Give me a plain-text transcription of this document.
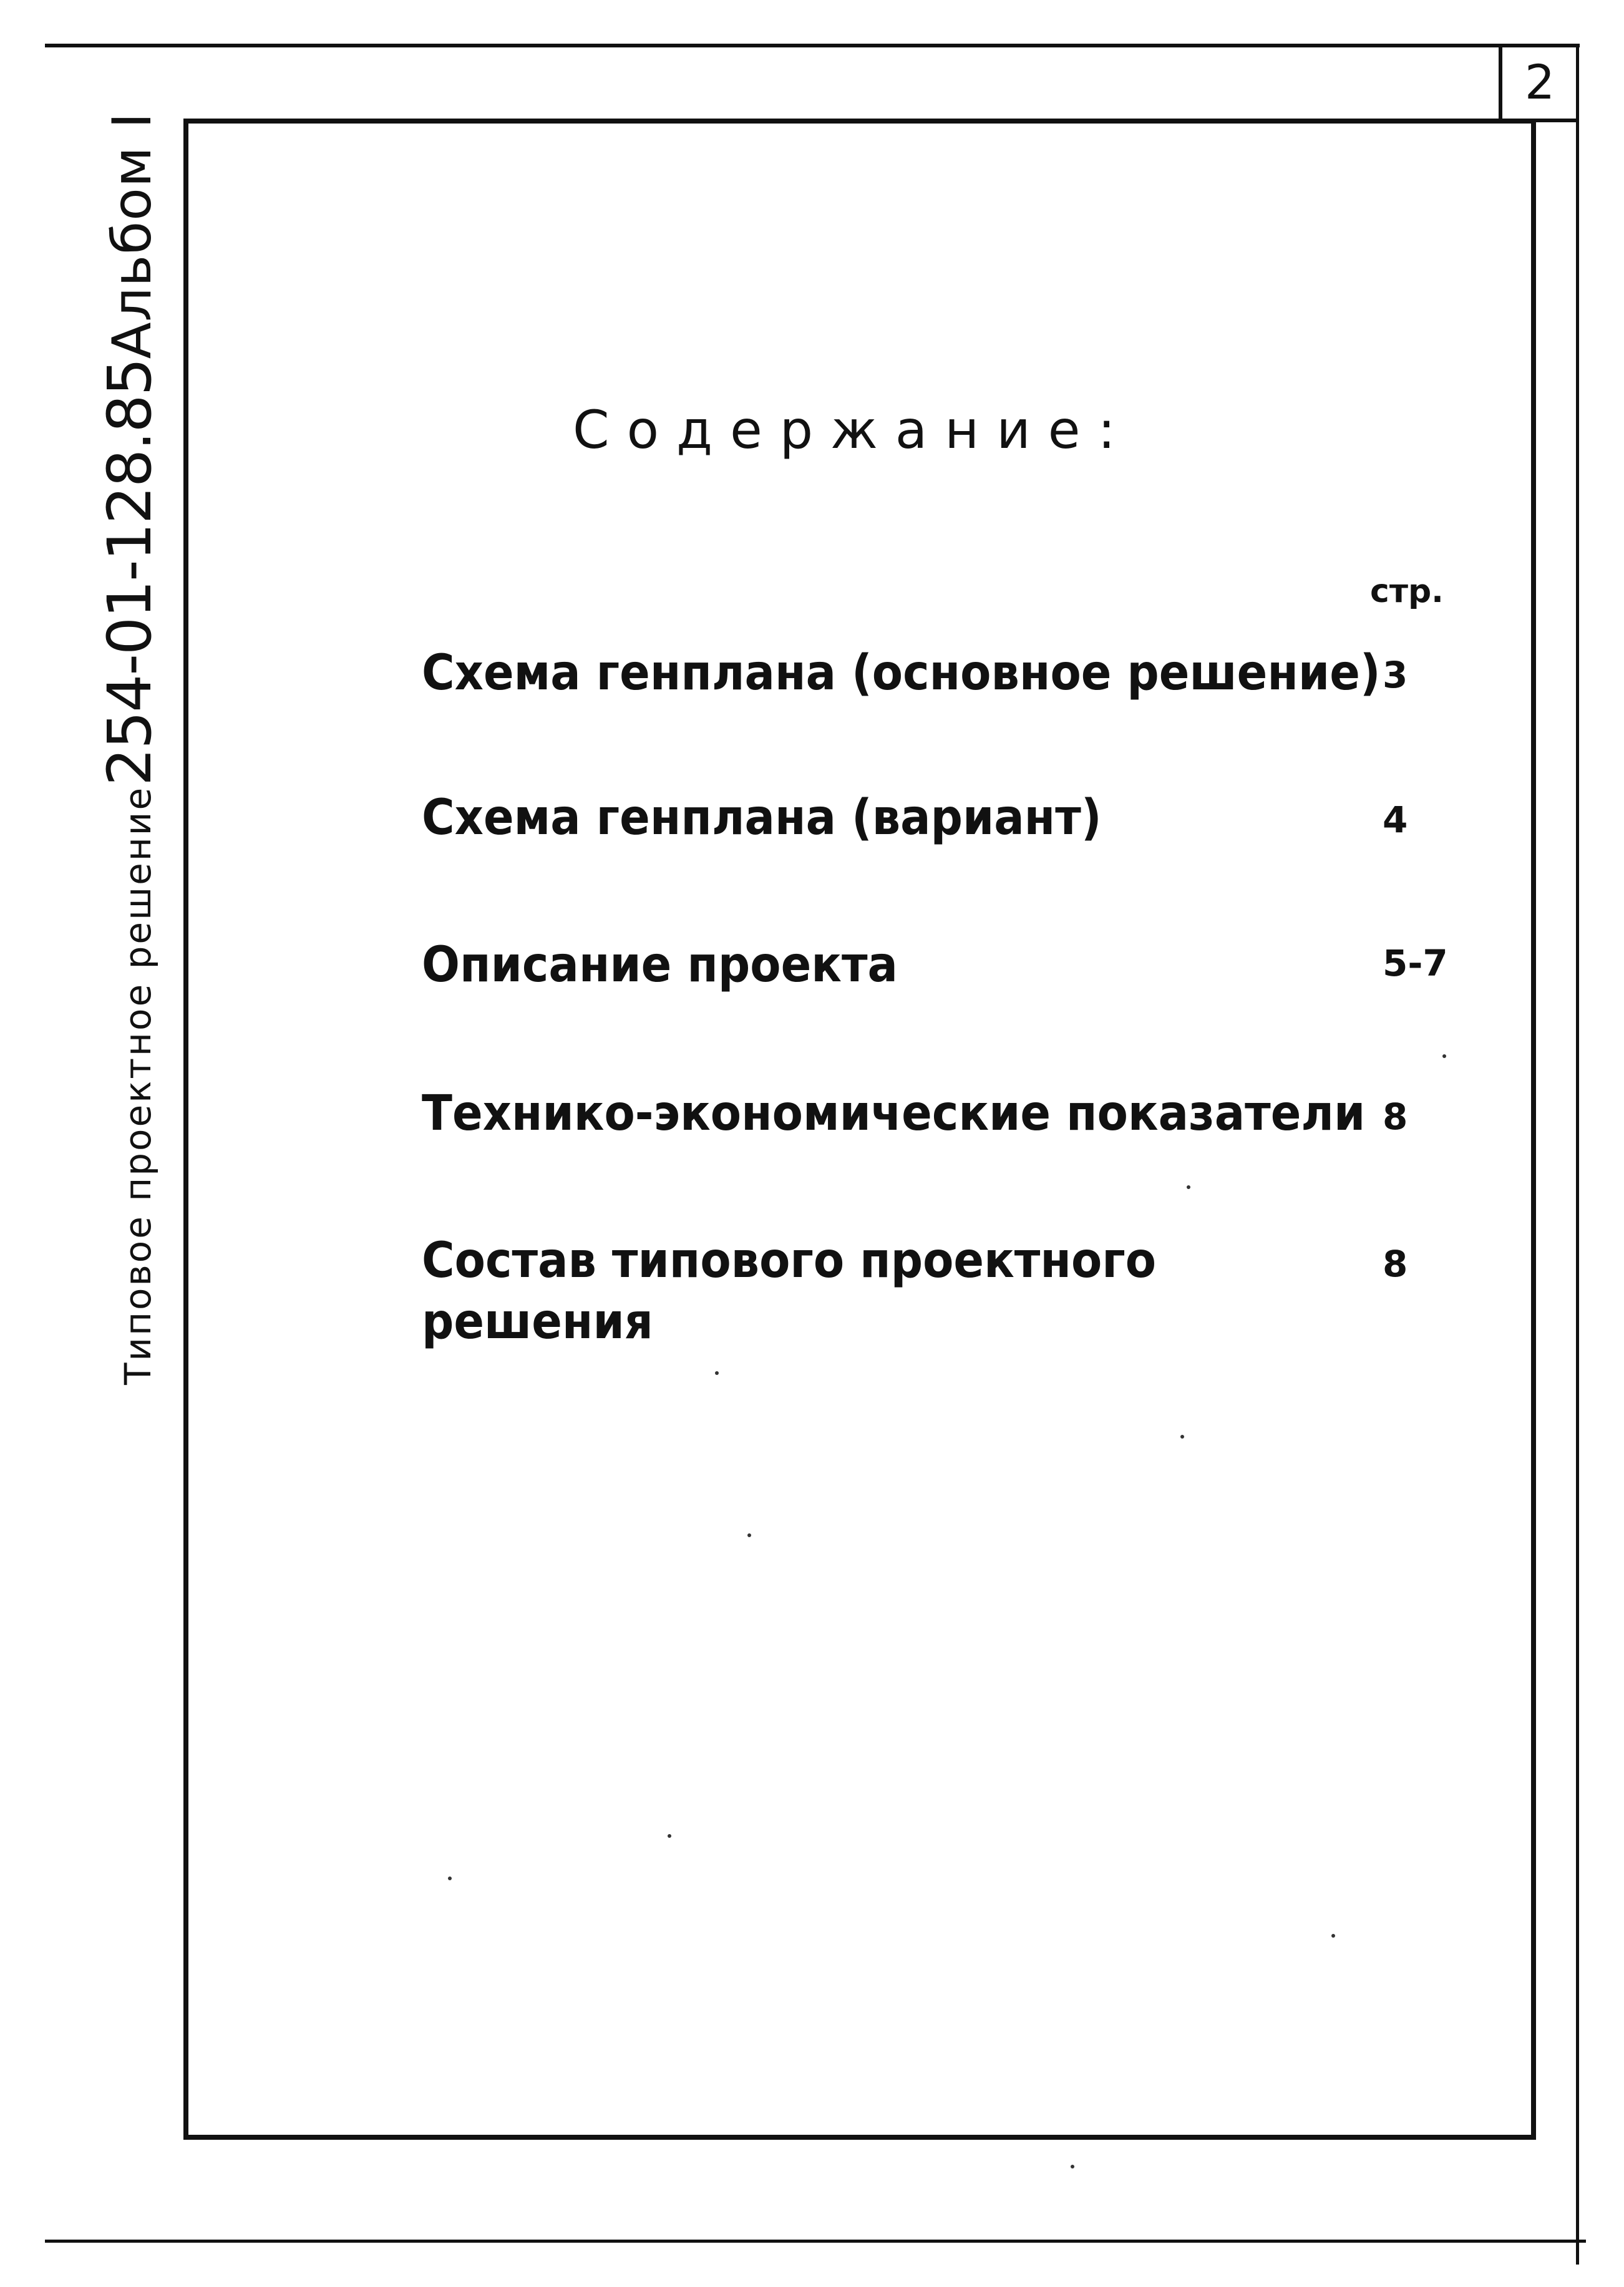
2
Типовое проектное решение254-01-128.85Альбом I
Содержание:
стр.
Схема генплана (основное решение) 3
Схема генплана (вариант)	4
Описание проекта	5-7
Технико-экономические показатели 8
Состав типового проектного
решения
8
